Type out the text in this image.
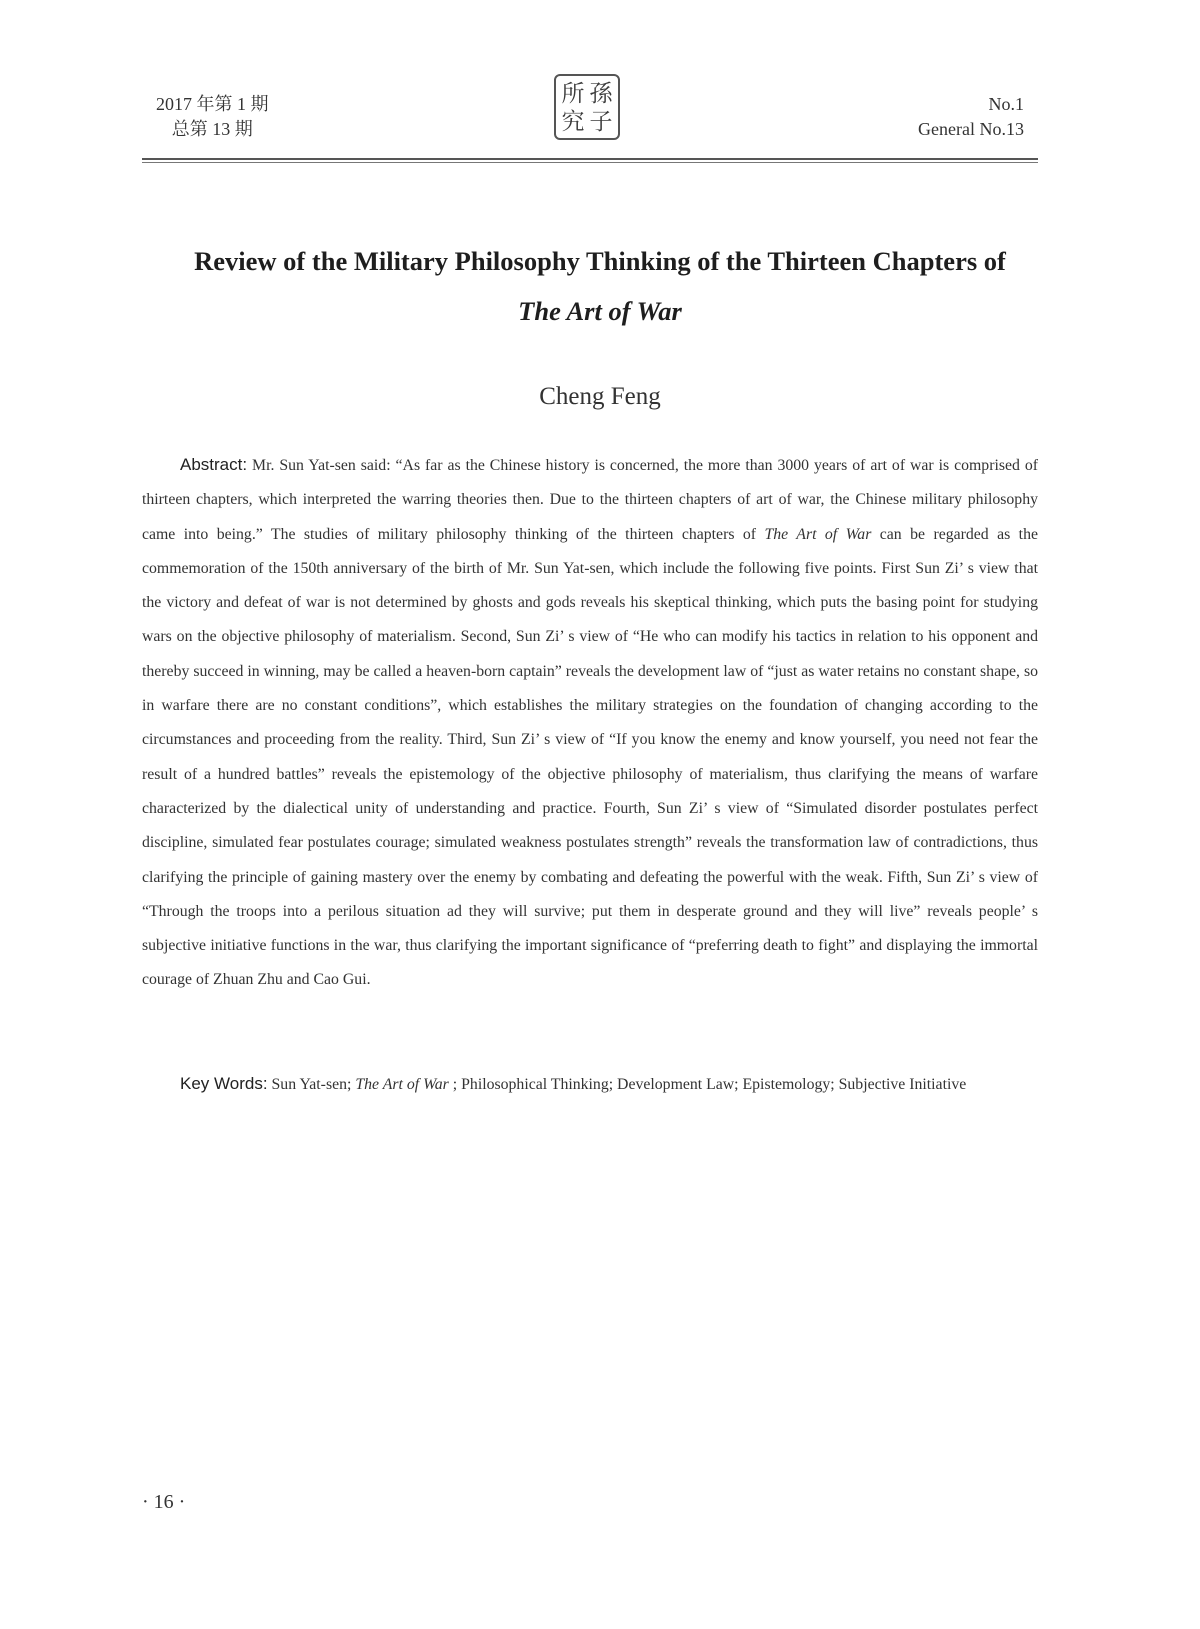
2017 年第 1 期
总第 13 期
所 孫
究 子
No.1
General No.13
Review of the Military Philosophy Thinking of the Thirteen Chapters of
The Art of War
Cheng Feng
Abstract: Mr. Sun Yat-sen said: “As far as the Chinese history is concerned, the more than 3000 years of art of war is comprised of thirteen chapters, which interpreted the warring theories then. Due to the thirteen chapters of art of war, the Chinese military philosophy came into being.” The studies of military philosophy thinking of the thirteen chapters of The Art of War can be regarded as the commemoration of the 150th anniversary of the birth of Mr. Sun Yat-sen, which include the following five points. First Sun Zi’ s view that the victory and defeat of war is not determined by ghosts and gods reveals his skeptical thinking, which puts the basing point for studying wars on the objective philosophy of materialism. Second, Sun Zi’ s view of “He who can modify his tactics in relation to his opponent and thereby succeed in winning, may be called a heaven-born captain” reveals the development law of “just as water retains no constant shape, so in warfare there are no constant conditions”, which establishes the military strategies on the foundation of changing according to the circumstances and proceeding from the reality. Third, Sun Zi’ s view of “If you know the enemy and know yourself, you need not fear the result of a hundred battles” reveals the epistemology of the objective philosophy of materialism, thus clarifying the means of warfare characterized by the dialectical unity of understanding and practice. Fourth, Sun Zi’ s view of “Simulated disorder postulates perfect discipline, simulated fear postulates courage; simulated weakness postulates strength” reveals the transformation law of contradictions, thus clarifying the principle of gaining mastery over the enemy by combating and defeating the powerful with the weak. Fifth, Sun Zi’ s view of “Through the troops into a perilous situation ad they will survive; put them in desperate ground and they will live” reveals people’ s subjective initiative functions in the war, thus clarifying the important significance of “preferring death to fight” and displaying the immortal courage of Zhuan Zhu and Cao Gui.
Key Words: Sun Yat-sen; The Art of War ; Philosophical Thinking; Development Law; Epistemology; Subjective Initiative
· 16 ·
